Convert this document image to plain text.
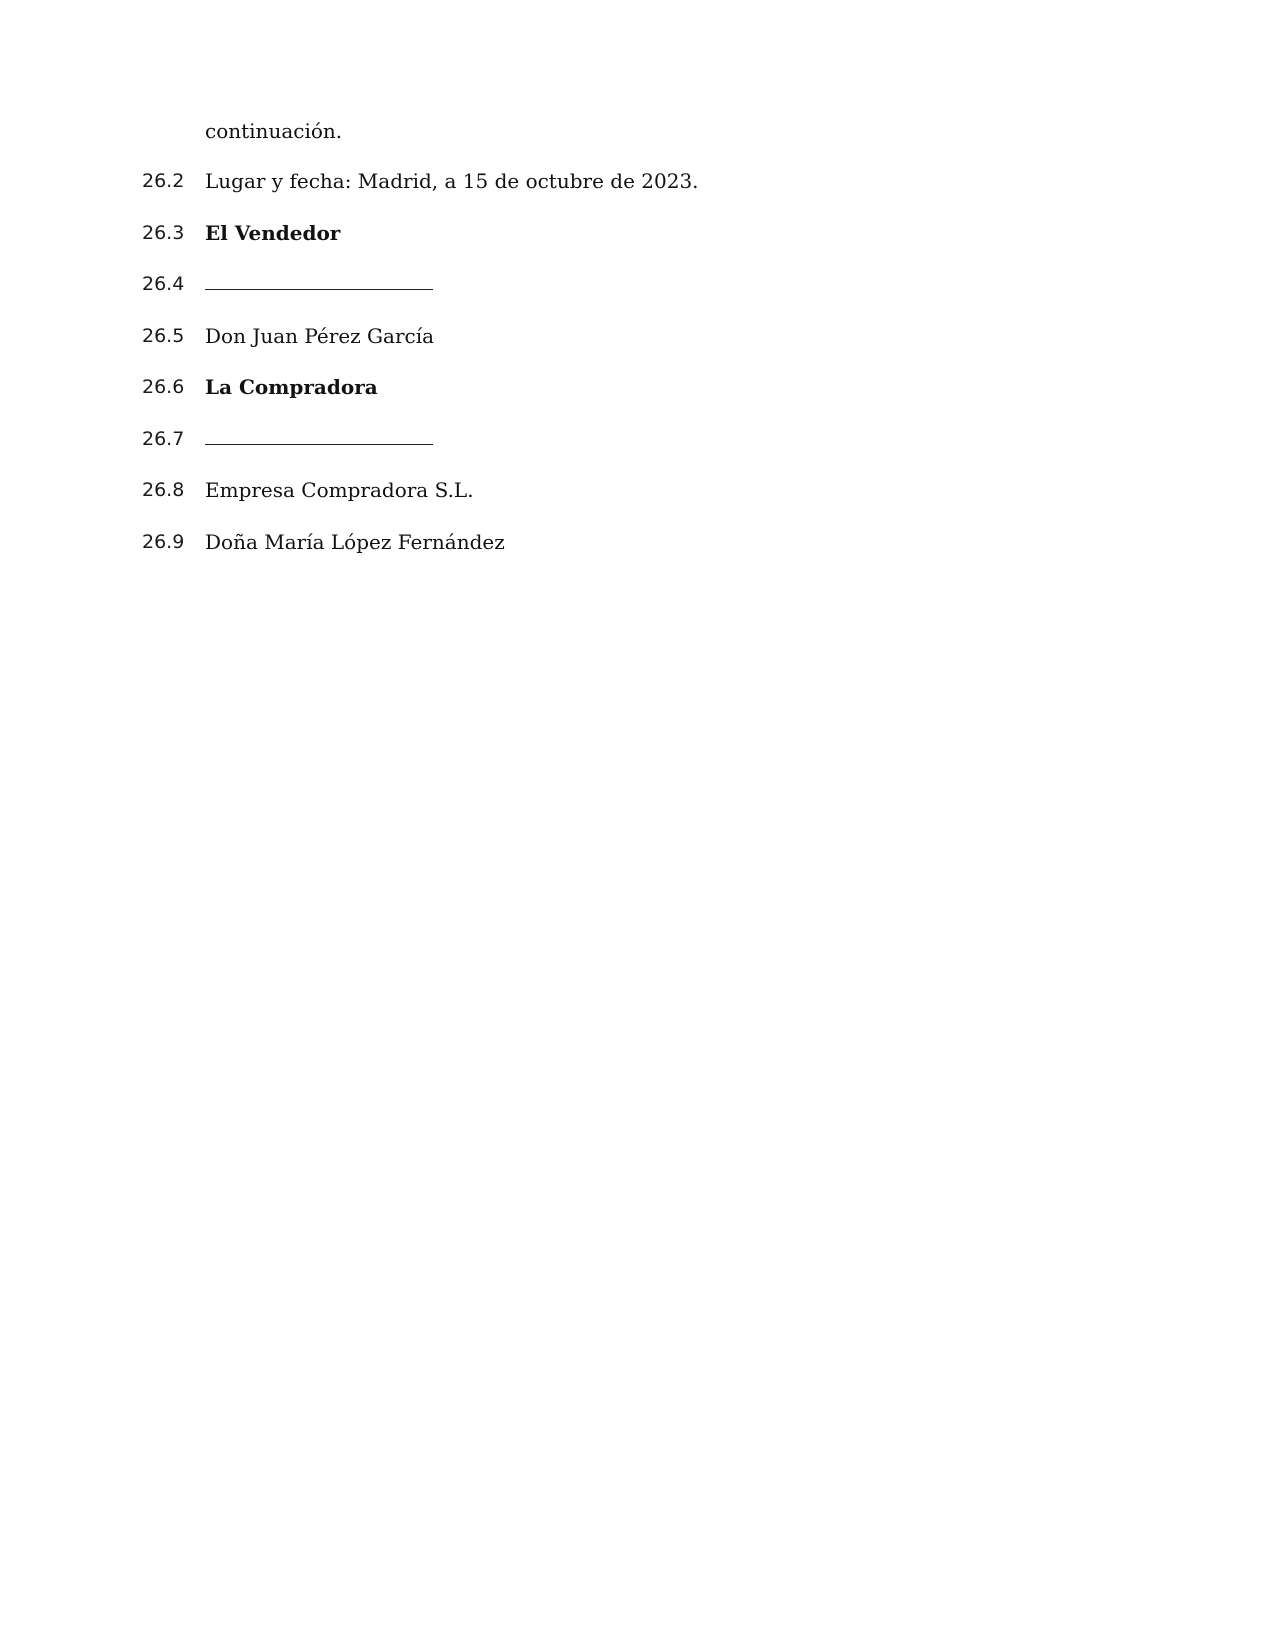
continuación.
26.2 Lugar y fecha: Madrid, a 15 de octubre de 2023.
26.3 El Vendedor
26.4
26.5 Don Juan Pérez García
26.6 La Compradora
26.7
26.8 Empresa Compradora S.L.
26.9 Doña María López Fernández
